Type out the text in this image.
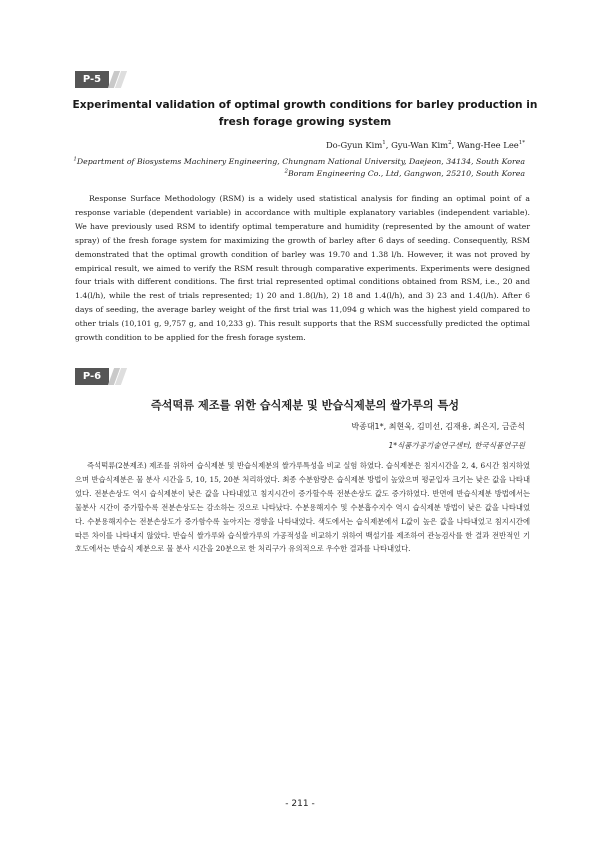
P-5
Experimental validation of optimal growth conditions for barley production in
fresh forage growing system
Do-Gyun Kim$^1$, Gyu-Wan Kim$^2$, Wang-Hee Lee$^{1*}$
$^1$Department of Biosystems Machinery Engineering, Chungnam National University, Daejeon, 34134, South Korea
$^2$Boram Engineering Co., Ltd, Gangwon, 25210, South Korea

Response Surface Methodology (RSM) is a widely used statistical analysis for finding an optimal point of a response variable (dependent variable) in accordance with multiple explanatory variables (independent variable). We have previously used RSM to identify optimal temperature and humidity (represented by the amount of water spray) of the fresh forage system for maximizing the growth of barley after 6 days of seeding. Consequently, RSM demonstrated that the optimal growth condition of barley was 19.70 and 1.38 l/h. However, it was not proved by empirical result, we aimed to verify the RSM result through comparative experiments. Experiments were designed four trials with different conditions. The first trial represented optimal conditions obtained from RSM, i.e., 20 and 1.4(l/h), while the rest of trials represented; 1) 20 and 1.8(l/h), 2) 18 and 1.4(l/h), and 3) 23 and 1.4(l/h). After 6 days of seeding, the average barley weight of the first trial was 11,094 g which was the highest yield compared to other trials (10,101 g, 9,757 g, and 10,233 g). This result supports that the RSM successfully predicted the optimal growth condition to be applied for the fresh forage system.

P-6
즉석떡류 제조를 위한 습식제분 및 반습식제분의 쌀가루의 특성
박종대1*, 최현욱, 김미선, 김재용, 최은지, 금준석
1*식품가공기술연구센터, 한국식품연구원

즉석떡류(2분제조) 제조를 위하여 습식제분 및 반습식제분의 쌀가루특성을 비교 실험 하였다. 습식제분은 침지시간을 2, 4, 6시간 침지하였으며 반습식제분은 물 분사 시간을 5, 10, 15, 20분 처리하였다. 최종 수분함량은 습식제분 방법이 높았으며 평균입자 크기는 낮은 값을 나타내었다. 전분손상도 역시 습식제분이 낮은 값을 나타내었고 침지시간이 증가할수록 전분손상도 값도 증가하였다. 반면에 반습식제분 방법에서는 물분사 시간이 증가할수록 전분손상도는 감소하는 것으로 나타났다. 수분용해지수 및 수분흡수지수 역시 습식제분 방법이 낮은 값을 나타내었다. 수분용해지수는 전분손상도가 증가함수록 높아지는 경향을 나타내었다. 색도에서는 습식제분에서 L값이 높은 값을 나타내었고 침지시간에 따른 차이를 나타내지 않았다. 반습식 쌀가루와 습식쌀가루의 가공적성을 비교하기 위하여 백설기를 제조하여 관능검사를 한 결과 전반적인 기호도에서는 반습식 제분으로 물 분사 시간을 20분으로 한 처리구가 유의적으로 우수한 결과를 나타내었다.

- 211 -
